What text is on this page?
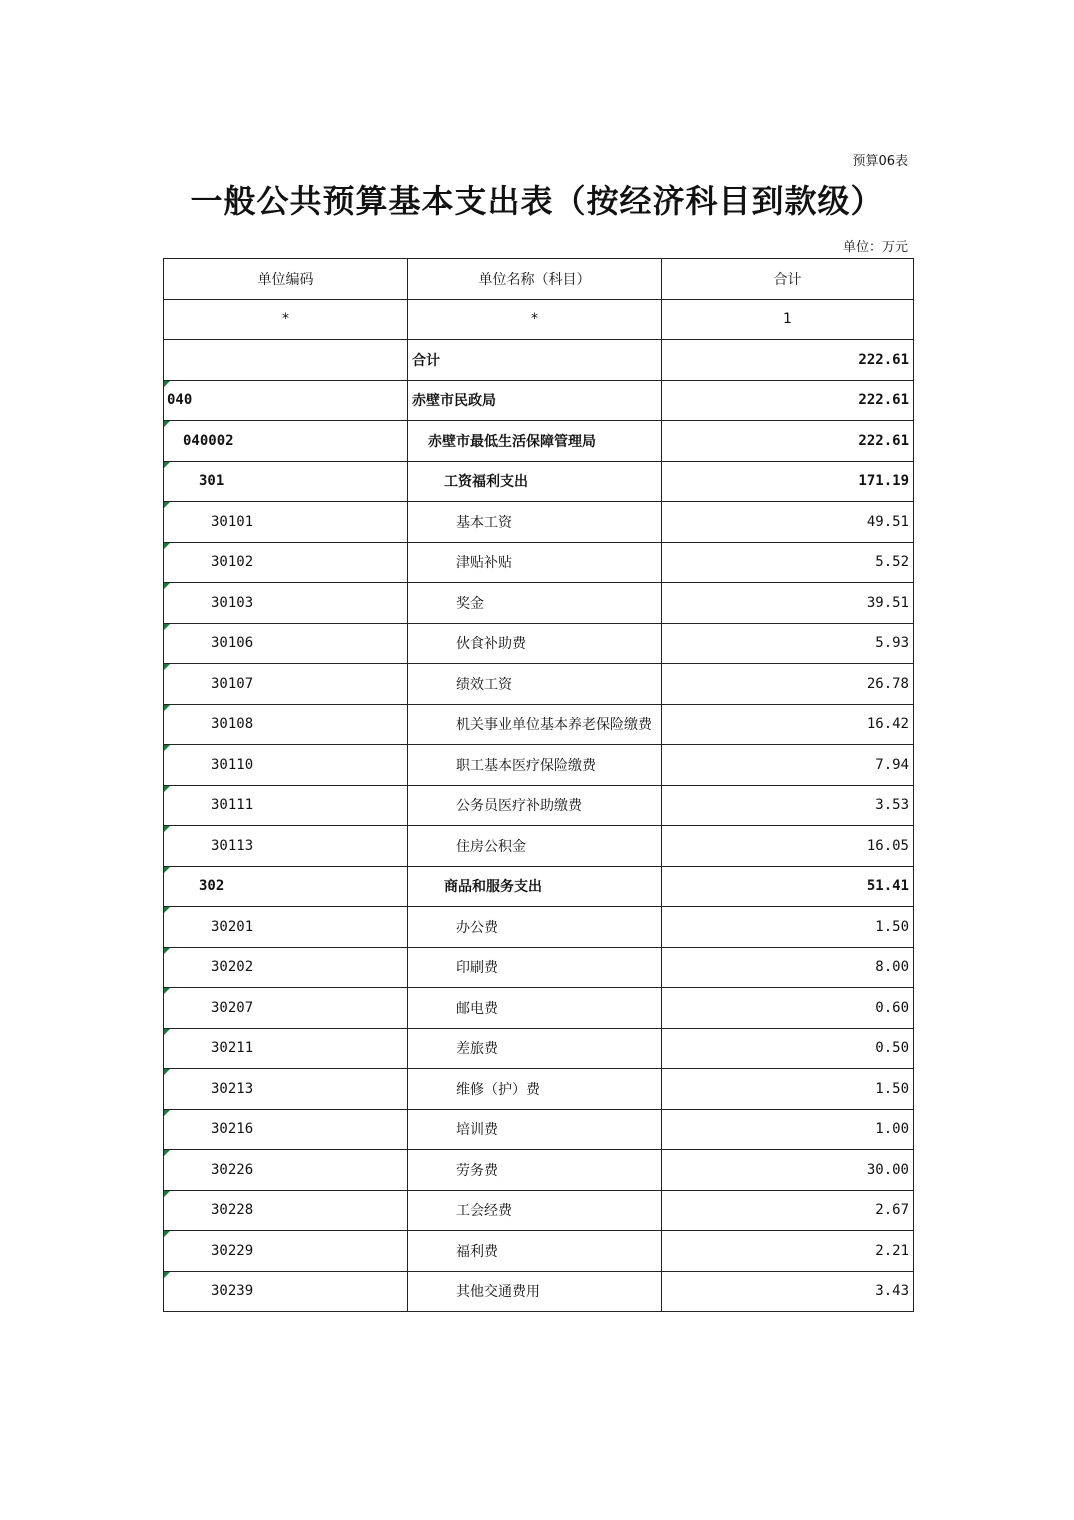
预算06表
一般公共预算基本支出表（按经济科目到款级）
单位：万元
单位编码	单位名称（科目）	合计
*	*	1
	合计	222.61

040	赤壁市民政局	222.61

040002	赤壁市最低生活保障管理局	222.61

301	工资福利支出	171.19

30101	基本工资	49.51

30102	津贴补贴	5.52

30103	奖金	39.51

30106	伙食补助费	5.93

30107	绩效工资	26.78

30108	机关事业单位基本养老保险缴费	16.42

30110	职工基本医疗保险缴费	7.94

30111	公务员医疗补助缴费	3.53

30113	住房公积金	16.05

302	商品和服务支出	51.41

30201	办公费	1.50

30202	印刷费	8.00

30207	邮电费	0.60

30211	差旅费	0.50

30213	维修（护）费	1.50

30216	培训费	1.00

30226	劳务费	30.00

30228	工会经费	2.67

30229	福利费	2.21

30239	其他交通费用	3.43
